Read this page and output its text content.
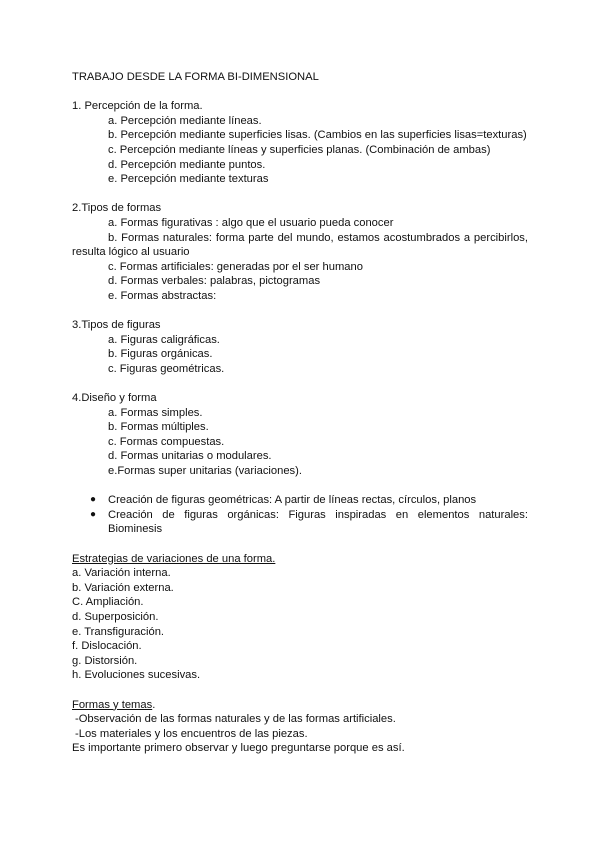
TRABAJO DESDE LA FORMA BI-DIMENSIONAL
1. Percepción de la forma.
a. Percepción mediante líneas.
b. Percepción mediante superficies lisas. (Cambios en las superficies lisas=texturas)
c. Percepción mediante líneas y superficies planas. (Combinación de ambas)
d. Percepción mediante puntos.
e. Percepción mediante texturas
2.Tipos de formas
a. Formas figurativas : algo que el usuario pueda conocer
b. Formas naturales: forma parte del mundo, estamos acostumbrados a percibirlos,
resulta lógico al usuario
c. Formas artificiales: generadas por el ser humano
d. Formas verbales: palabras, pictogramas
e. Formas abstractas:
3.Tipos de figuras
a. Figuras caligráficas.
b. Figuras orgánicas.
c. Figuras geométricas.
4.Diseño y forma
a. Formas simples.
b. Formas múltiples.
c. Formas compuestas.
d. Formas unitarias o modulares.
e.Formas super unitarias (variaciones).
● Creación de figuras geométricas: A partir de líneas rectas, círculos, planos
● Creación de figuras orgánicas: Figuras inspiradas en elementos naturales:
Biominesis
Estrategias de variaciones de una forma.
a. Variación interna.
b. Variación externa.
C. Ampliación.
d. Superposición.
e. Transfiguración.
f. Dislocación.
g. Distorsión.
h. Evoluciones sucesivas.
Formas y temas.
-Observación de las formas naturales y de las formas artificiales.
-Los materiales y los encuentros de las piezas.
Es importante primero observar y luego preguntarse porque es así.
